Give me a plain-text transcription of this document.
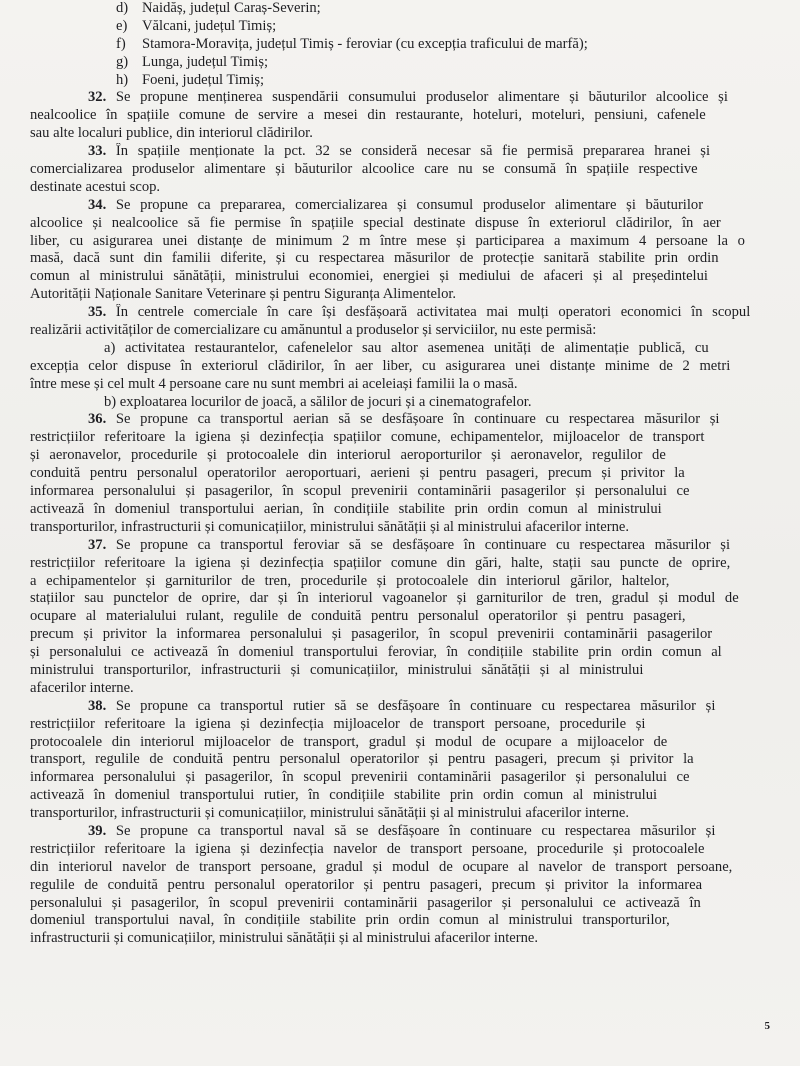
d) Naidăș, județul Caraș-Severin;
e) Vălcani, județul Timiș;
f) Stamora-Moravița, județul Timiș - feroviar (cu excepția traficului de marfă);
g) Lunga, județul Timiș;
h) Foeni, județul Timiș;
32. Se propune menținerea suspendării consumului produselor alimentare și băuturilor alcoolice și
nealcoolice în spațiile comune de servire a mesei din restaurante, hoteluri, moteluri, pensiuni, cafenele
sau alte localuri publice, din interiorul clădirilor.
33. În spațiile menționate la pct. 32 se consideră necesar să fie permisă prepararea hranei și
comercializarea produselor alimentare și băuturilor alcoolice care nu se consumă în spațiile respective
destinate acestui scop.
34. Se propune ca prepararea, comercializarea și consumul produselor alimentare și băuturilor
alcoolice și nealcoolice să fie permise în spațiile special destinate dispuse în exteriorul clădirilor, în aer
liber, cu asigurarea unei distanțe de minimum 2 m între mese și participarea a maximum 4 persoane la o
masă, dacă sunt din familii diferite, și cu respectarea măsurilor de protecție sanitară stabilite prin ordin
comun al ministrului sănătății, ministrului economiei, energiei și mediului de afaceri și al președintelui
Autorității Naționale Sanitare Veterinare și pentru Siguranța Alimentelor.
35. În centrele comerciale în care își desfășoară activitatea mai mulți operatori economici în scopul
realizării activităților de comercializare cu amănuntul a produselor și serviciilor, nu este permisă:
a) activitatea restaurantelor, cafenelelor sau altor asemenea unități de alimentație publică, cu
excepția celor dispuse în exteriorul clădirilor, în aer liber, cu asigurarea unei distanțe minime de 2 metri
între mese și cel mult 4 persoane care nu sunt membri ai aceleiași familii la o masă.
b) exploatarea locurilor de joacă, a sălilor de jocuri și a cinematografelor.
36. Se propune ca transportul aerian să se desfășoare în continuare cu respectarea măsurilor și
restricțiilor referitoare la igiena și dezinfecția spațiilor comune, echipamentelor, mijloacelor de transport
și aeronavelor, procedurile și protocoalele din interiorul aeroporturilor și aeronavelor, regulilor de
conduită pentru personalul operatorilor aeroportuari, aerieni și pentru pasageri, precum și privitor la
informarea personalului și pasagerilor, în scopul prevenirii contaminării pasagerilor și personalului ce
activează în domeniul transportului aerian, în condițiile stabilite prin ordin comun al ministrului
transporturilor, infrastructurii și comunicațiilor, ministrului sănătății și al ministrului afacerilor interne.
37. Se propune ca transportul feroviar să se desfășoare în continuare cu respectarea măsurilor și
restricțiilor referitoare la igiena și dezinfecția spațiilor comune din gări, halte, stații sau puncte de oprire,
a echipamentelor și garniturilor de tren, procedurile și protocoalele din interiorul gărilor, haltelor,
stațiilor sau punctelor de oprire, dar și în interiorul vagoanelor și garniturilor de tren, gradul și modul de
ocupare al materialului rulant, regulile de conduită pentru personalul operatorilor și pentru pasageri,
precum și privitor la informarea personalului și pasagerilor, în scopul prevenirii contaminării pasagerilor
și personalului ce activează în domeniul transportului feroviar, în condițiile stabilite prin ordin comun al
ministrului transporturilor, infrastructurii și comunicațiilor, ministrului sănătății și al ministrului
afacerilor interne.
38. Se propune ca transportul rutier să se desfășoare în continuare cu respectarea măsurilor și
restricțiilor referitoare la igiena și dezinfecția mijloacelor de transport persoane, procedurile și
protocoalele din interiorul mijloacelor de transport, gradul și modul de ocupare a mijloacelor de
transport, regulile de conduită pentru personalul operatorilor și pentru pasageri, precum și privitor la
informarea personalului și pasagerilor, în scopul prevenirii contaminării pasagerilor și personalului ce
activează în domeniul transportului rutier, în condițiile stabilite prin ordin comun al ministrului
transporturilor, infrastructurii și comunicațiilor, ministrului sănătății și al ministrului afacerilor interne.
39. Se propune ca transportul naval să se desfășoare în continuare cu respectarea măsurilor și
restricțiilor referitoare la igiena și dezinfecția navelor de transport persoane, procedurile și protocoalele
din interiorul navelor de transport persoane, gradul și modul de ocupare al navelor de transport persoane,
regulile de conduită pentru personalul operatorilor și pentru pasageri, precum și privitor la informarea
personalului și pasagerilor, în scopul prevenirii contaminării pasagerilor și personalului ce activează în
domeniul transportului naval, în condițiile stabilite prin ordin comun al ministrului transporturilor,
infrastructurii și comunicațiilor, ministrului sănătății și al ministrului afacerilor interne.
5
